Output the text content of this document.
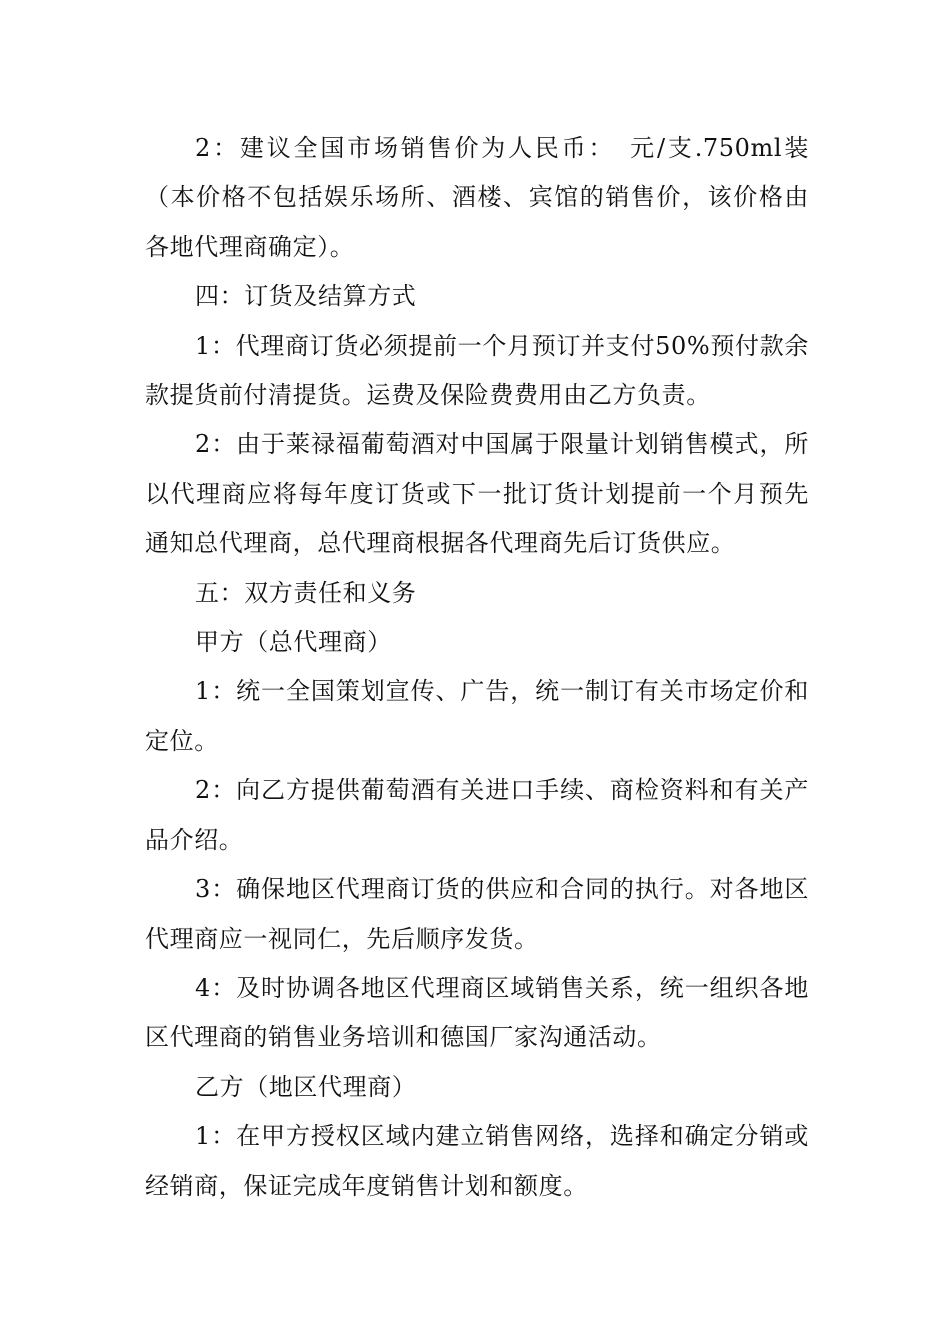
2：建议全国市场销售价为人民币：　元/支.750ml装（本价格不包括娱乐场所、酒楼、宾馆的销售价，该价格由各地代理商确定）。

四：订货及结算方式

1：代理商订货必须提前一个月预订并支付50%预付款余款提货前付清提货。运费及保险费费用由乙方负责。

2：由于莱禄福葡萄酒对中国属于限量计划销售模式，所以代理商应将每年度订货或下一批订货计划提前一个月预先通知总代理商，总代理商根据各代理商先后订货供应。

五：双方责任和义务

甲方（总代理商）

1：统一全国策划宣传、广告，统一制订有关市场定价和定位。

2：向乙方提供葡萄酒有关进口手续、商检资料和有关产品介绍。

3：确保地区代理商订货的供应和合同的执行。对各地区代理商应一视同仁，先后顺序发货。

4：及时协调各地区代理商区域销售关系，统一组织各地区代理商的销售业务培训和德国厂家沟通活动。

乙方（地区代理商）

1：在甲方授权区域内建立销售网络，选择和确定分销或经销商，保证完成年度销售计划和额度。
